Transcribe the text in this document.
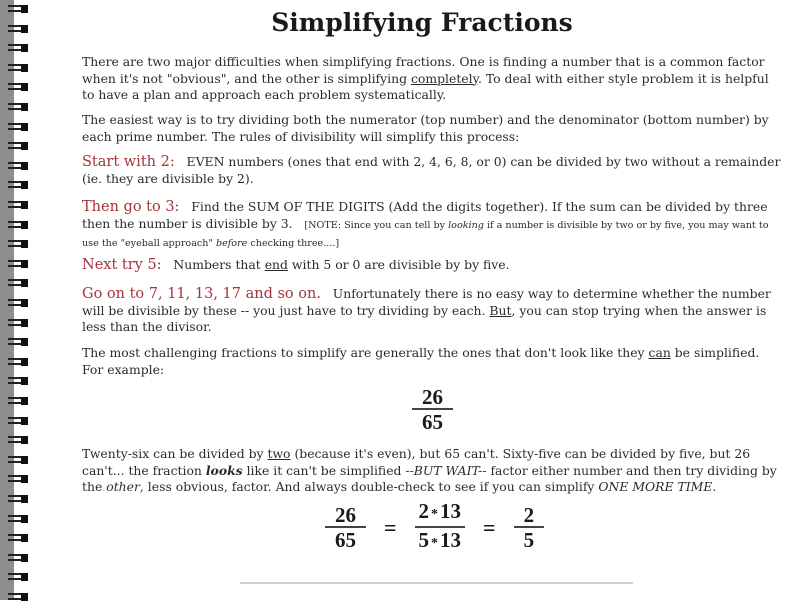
Simplifying Fractions

There are two major difficulties when simplifying fractions. One is finding a number that is a common factor when it's not "obvious", and the other is simplifying completely. To deal with either style problem it is helpful to have a plan and approach each problem systematically.

The easiest way is to try dividing both the numerator (top number) and the denominator (bottom number) by each prime number. The rules of divisibility will simplify this process:

Start with 2: EVEN numbers (ones that end with 2, 4, 6, 8, or 0) can be divided by two without a remainder (ie. they are divisible by 2).

Then go to 3: Find the SUM OF THE DIGITS (Add the digits together). If the sum can be divided by three then the number is divisible by 3. [NOTE: Since you can tell by looking if a number is divisible by two or by five, you may want to use the "eyeball approach" before checking three....]

Next try 5: Numbers that end with 5 or 0 are divisible by by five.

Go on to 7, 11, 13, 17 and so on. Unfortunately there is no easy way to determine whether the number will be divisible by these -- you just have to try dividing by each. But, you can stop trying when the answer is less than the divisor.

The most challenging fractions to simplify are generally the ones that don't look like they can be simplified. For example:

$\frac{26}{65}$

Twenty-six can be divided by two (because it's even), but 65 can't. Sixty-five can be divided by five, but 26 can't... the fraction looks like it can't be simplified --BUT WAIT-- factor either number and then try dividing by the other, less obvious, factor. And always double-check to see if you can simplify ONE MORE TIME.

$\frac{26}{65} = \frac{2 *13}{5 *13} = \frac{2}{5}$
